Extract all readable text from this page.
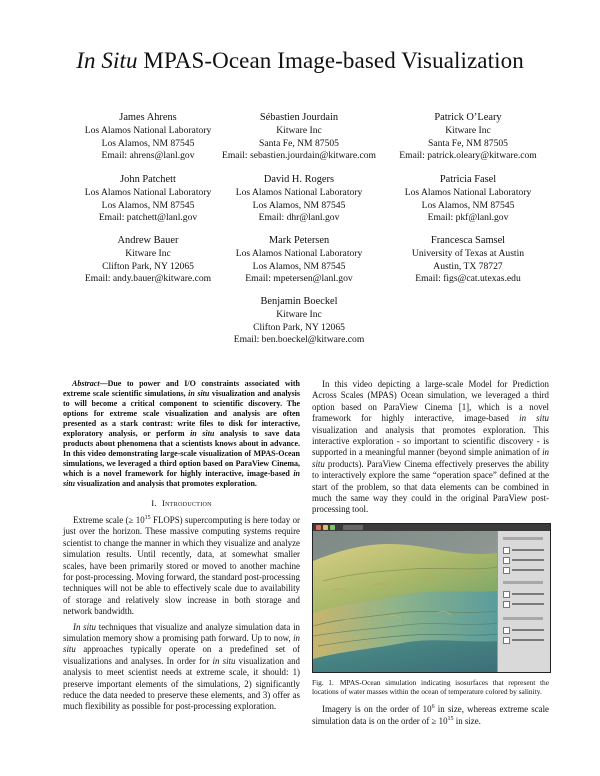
In Situ MPAS-Ocean Image-based Visualization
James Ahrens
Los Alamos National Laboratory
Los Alamos, NM 87545
Email: ahrens@lanl.gov
Sébastien Jourdain
Kitware Inc
Santa Fe, NM 87505
Email: sebastien.jourdain@kitware.com
Patrick O’Leary
Kitware Inc
Santa Fe, NM 87505
Email: patrick.oleary@kitware.com
John Patchett
Los Alamos National Laboratory
Los Alamos, NM 87545
Email: patchett@lanl.gov
David H. Rogers
Los Alamos National Laboratory
Los Alamos, NM 87545
Email: dhr@lanl.gov
Patricia Fasel
Los Alamos National Laboratory
Los Alamos, NM 87545
Email: pkf@lanl.gov
Andrew Bauer
Kitware Inc
Clifton Park, NY 12065
Email: andy.bauer@kitware.com
Mark Petersen
Los Alamos National Laboratory
Los Alamos, NM 87545
Email: mpetersen@lanl.gov
Francesca Samsel
University of Texas at Austin
Austin, TX 78727
Email: figs@cat.utexas.edu
Benjamin Boeckel
Kitware Inc
Clifton Park, NY 12065
Email: ben.boeckel@kitware.com

Abstract—Due to power and I/O constraints associated with extreme scale scientific simulations, in situ visualization and analysis to will become a critical component to scientific discovery. The options for extreme scale visualization and analysis are often presented as a stark contrast: write files to disk for interactive, exploratory analysis, or perform in situ analysis to save data products about phenomena that a scientists knows about in advance. In this video demonstrating large-scale visualization of MPAS-Ocean simulations, we leveraged a third option based on ParaView Cinema, which is a novel framework for highly interactive, image-based in situ visualization and analysis that promotes exploration.

I. Introduction

Extreme scale (≥ $10^{15}$ FLOPS) supercomputing is here today or just over the horizon. These massive computing systems require scientist to change the manner in which they visualize and analyze simulation results. Until recently, data, at somewhat smaller scales, have been primarily stored or moved to another machine for post-processing. Moving forward, the standard post-processing techniques will not be able to effectively scale due to availability of storage and relatively slow increase in both storage and network bandwidth.

In situ techniques that visualize and analyze simulation data in simulation memory show a promising path forward. Up to now, in situ approaches typically operate on a predefined set of visualizations and analyses. In order for in situ visualization and analysis to meet scientist needs at extreme scale, it should: 1) preserve important elements of the simulations, 2) significantly reduce the data needed to preserve these elements, and 3) offer as much flexibility as possible for post-processing exploration.

In this video depicting a large-scale Model for Prediction Across Scales (MPAS) Ocean simulation, we leveraged a third option based on ParaView Cinema [1], which is a novel framework for highly interactive, image-based in situ visualization and analysis that promotes exploration. This interactive exploration - so important to scientific discovery - is supported in a meaningful manner (beyond simple animation of in situ products). ParaView Cinema effectively preserves the ability to interactively explore the same “operation space” defined at the start of the problem, so that data elements can be combined in much the same way they could in the original ParaView post-processing tool.

Fig. 1. MPAS-Ocean simulation indicating isosurfaces that represent the locations of water masses within the ocean of temperature colored by salinity.

Imagery is on the order of $10^6$ in size, whereas extreme scale simulation data is on the order of ≥ $10^{15}$ in size.
